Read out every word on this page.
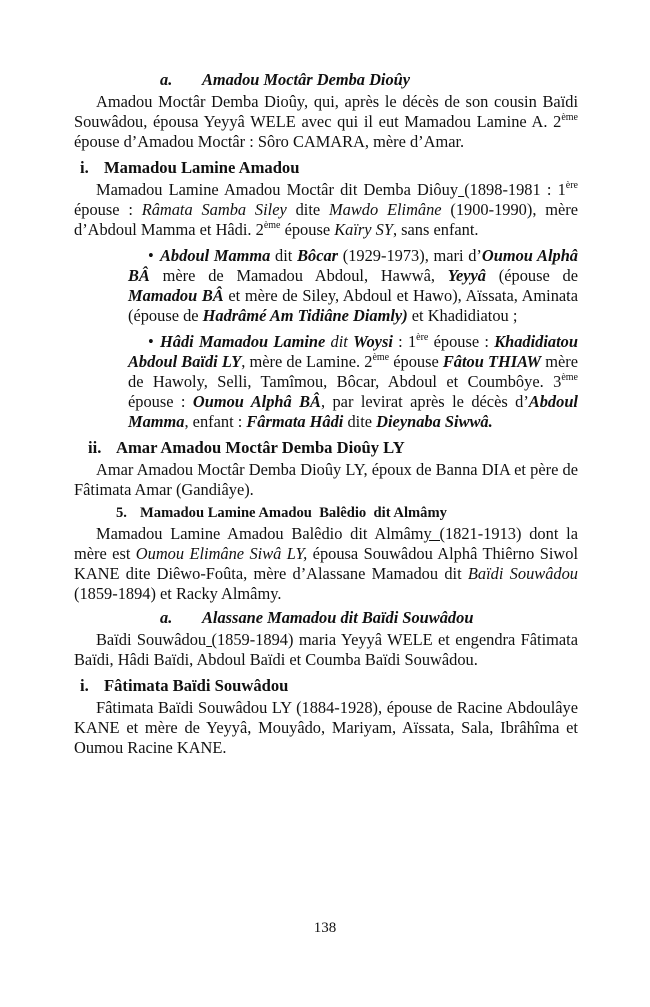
a. Amadou Moctâr Demba Dioûy

Amadou Moctâr Demba Dioûy, qui, après le décès de son cousin Baïdi Souwâdou, épousa Yeyyâ WELE avec qui il eut Mamadou Lamine A. 2ème épouse d’Amadou Moctâr : Sôro CAMARA, mère d’Amar.

i. Mamadou Lamine Amadou

Mamadou Lamine Amadou Moctâr dit Demba Diôuy (1898-1981 : 1ère épouse : Râmata Samba Siley dite Mawdo Elimâne (1900-1990), mère d’Abdoul Mamma et Hâdi. 2ème épouse Kaïry SY, sans enfant.

• Abdoul Mamma dit Bôcar (1929-1973), mari d’Oumou Alphâ BÂ mère de Mamadou Abdoul, Hawwâ, Yeyyâ (épouse de Mamadou BÂ et mère de Siley, Abdoul et Hawo), Aïssata, Aminata (épouse de Hadrâmé Am Tidiâne Diamly) et Khadidiatou ;

• Hâdi Mamadou Lamine dit Woysi : 1ère épouse : Khadidiatou Abdoul Baïdi LY, mère de Lamine. 2ème épouse Fâtou THIAW mère de Hawoly, Selli, Tamîmou, Bôcar, Abdoul et Coumbôye. 3ème épouse : Oumou Alphâ BÂ, par levirat après le décès d’Abdoul Mamma, enfant : Fârmata Hâdi dite Dieynaba Siwwâ.

ii. Amar Amadou Moctâr Demba Dioûy LY

Amar Amadou Moctâr Demba Dioûy LY, époux de Banna DIA et père de Fâtimata Amar (Gandiâye).

5. Mamadou Lamine Amadou  Balêdio  dit Almâmy

Mamadou Lamine Amadou Balêdio dit Almâmy (1821-1913) dont la mère est Oumou Elimâne Siwâ LY, épousa Souwâdou Alphâ Thiêrno Siwol KANE dite Diêwo-Foûta, mère d’Alassane Mamadou dit Baïdi Souwâdou (1859-1894) et Racky Almâmy.

a. Alassane Mamadou dit Baïdi Souwâdou

Baïdi Souwâdou (1859-1894) maria Yeyyâ WELE et engendra Fâtimata Baïdi, Hâdi Baïdi, Abdoul Baïdi et Coumba Baïdi Souwâdou.

i. Fâtimata Baïdi Souwâdou

Fâtimata Baïdi Souwâdou LY (1884-1928), épouse de Racine Abdoulâye KANE et mère de Yeyyâ, Mouyâdo, Mariyam, Aïssata, Sala, Ibrâhîma et Oumou Racine KANE.

138
